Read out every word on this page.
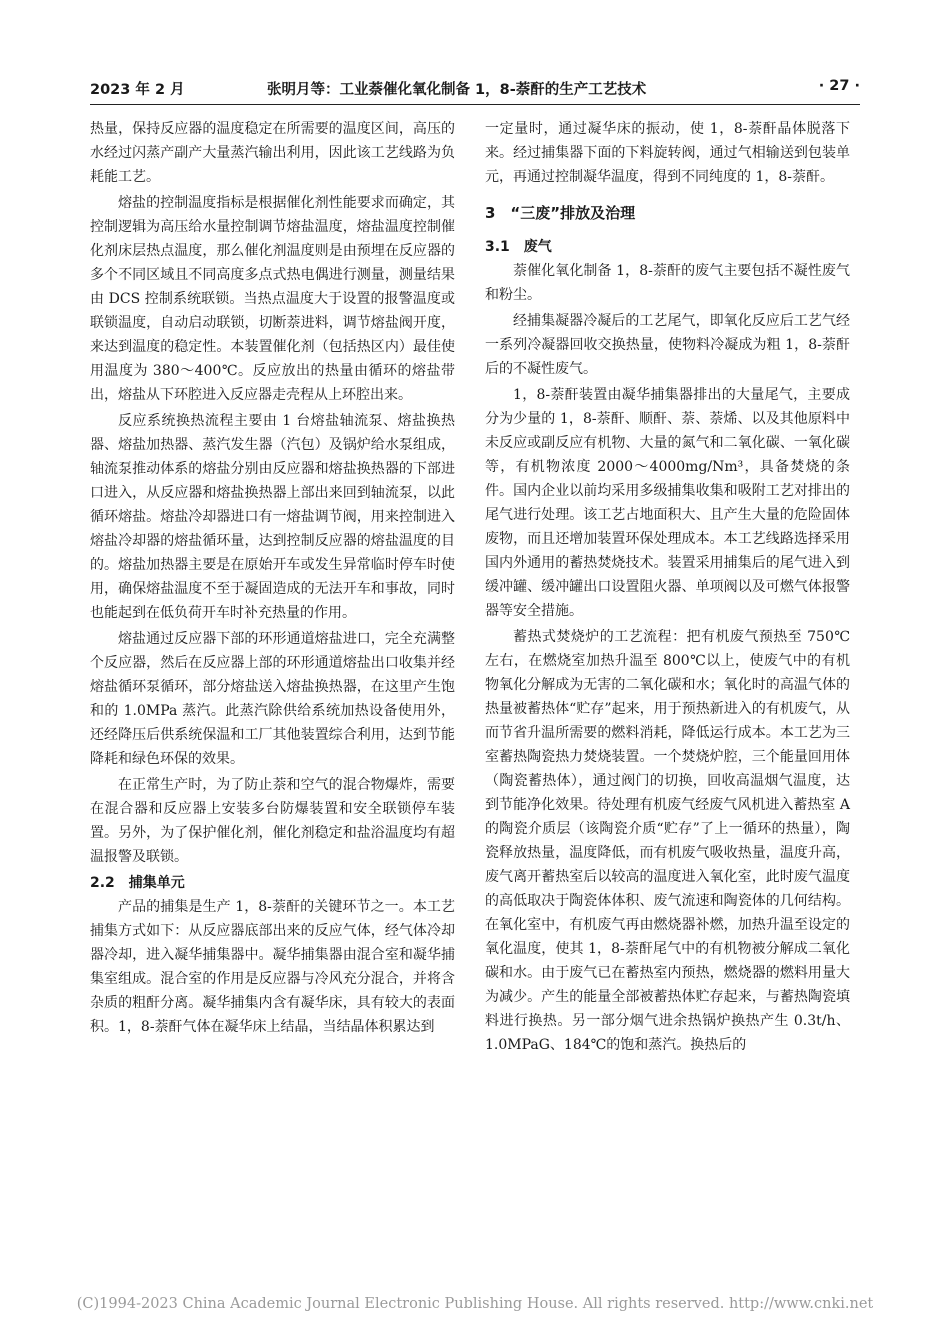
2023 年 2 月	张明月等：工业萘催化氧化制备 1，8-萘酐的生产工艺技术	· 27 ·

热量，保持反应器的温度稳定在所需要的温度区间，高压的水经过闪蒸产副产大量蒸汽输出利用，因此该工艺线路为负耗能工艺。

熔盐的控制温度指标是根据催化剂性能要求而确定，其控制逻辑为高压给水量控制调节熔盐温度，熔盐温度控制催化剂床层热点温度，那么催化剂温度则是由预埋在反应器的多个不同区域且不同高度多点式热电偶进行测量，测量结果由 DCS 控制系统联锁。当热点温度大于设置的报警温度或联锁温度，自动启动联锁，切断萘进料，调节熔盐阀开度，来达到温度的稳定性。本装置催化剂（包括热区内）最佳使用温度为 380～400℃。反应放出的热量由循环的熔盐带出，熔盐从下环腔进入反应器走壳程从上环腔出来。

反应系统换热流程主要由 1 台熔盐轴流泵、熔盐换热器、熔盐加热器、蒸汽发生器（汽包）及锅炉给水泵组成，轴流泵推动体系的熔盐分别由反应器和熔盐换热器的下部进口进入，从反应器和熔盐换热器上部出来回到轴流泵，以此循环熔盐。熔盐冷却器进口有一熔盐调节阀，用来控制进入熔盐冷却器的熔盐循环量，达到控制反应器的熔盐温度的目的。熔盐加热器主要是在原始开车或发生异常临时停车时使用，确保熔盐温度不至于凝固造成的无法开车和事故，同时也能起到在低负荷开车时补充热量的作用。

熔盐通过反应器下部的环形通道熔盐进口，完全充满整个反应器，然后在反应器上部的环形通道熔盐出口收集并经熔盐循环泵循环，部分熔盐送入熔盐换热器，在这里产生饱和的 1.0MPa 蒸汽。此蒸汽除供给系统加热设备使用外，还经降压后供系统保温和工厂其他装置综合利用，达到节能降耗和绿色环保的效果。

在正常生产时，为了防止萘和空气的混合物爆炸，需要在混合器和反应器上安装多台防爆装置和安全联锁停车装置。另外，为了保护催化剂，催化剂稳定和盐浴温度均有超温报警及联锁。

2.2　捕集单元

产品的捕集是生产 1，8-萘酐的关键环节之一。本工艺捕集方式如下：从反应器底部出来的反应气体，经气体冷却器冷却，进入凝华捕集器中。凝华捕集器由混合室和凝华捕集室组成。混合室的作用是反应器与冷风充分混合，并将含杂质的粗酐分离。凝华捕集内含有凝华床，具有较大的表面积。1，8-萘酐气体在凝华床上结晶，当结晶体积累达到

一定量时，通过凝华床的振动，使 1，8-萘酐晶体脱落下来。经过捕集器下面的下料旋转阀，通过气相输送到包装单元，再通过控制凝华温度，得到不同纯度的 1，8-萘酐。

3　“三废”排放及治理
3.1　废气

萘催化氧化制备 1，8-萘酐的废气主要包括不凝性废气和粉尘。

经捕集凝器冷凝后的工艺尾气，即氧化反应后工艺气经一系列冷凝器回收交换热量，使物料冷凝成为粗 1，8-萘酐后的不凝性废气。

1，8-萘酐装置由凝华捕集器排出的大量尾气，主要成分为少量的 1，8-萘酐、顺酐、萘、萘烯、以及其他原料中未反应或副反应有机物、大量的氮气和二氧化碳、一氧化碳等，有机物浓度 2000～4000mg/Nm³，具备焚烧的条件。国内企业以前均采用多级捕集收集和吸附工艺对排出的尾气进行处理。该工艺占地面积大、且产生大量的危险固体废物，而且还增加装置环保处理成本。本工艺线路选择采用国内外通用的蓄热焚烧技术。装置采用捕集后的尾气进入到缓冲罐、缓冲罐出口设置阻火器、单项阀以及可燃气体报警器等安全措施。

蓄热式焚烧炉的工艺流程：把有机废气预热至 750℃左右，在燃烧室加热升温至 800℃以上，使废气中的有机物氧化分解成为无害的二氧化碳和水；氧化时的高温气体的热量被蓄热体“贮存”起来，用于预热新进入的有机废气，从而节省升温所需要的燃料消耗，降低运行成本。本工艺为三室蓄热陶瓷热力焚烧装置。一个焚烧炉腔，三个能量回用体（陶瓷蓄热体），通过阀门的切换，回收高温烟气温度，达到节能净化效果。待处理有机废气经废气风机进入蓄热室 A 的陶瓷介质层（该陶瓷介质“贮存”了上一循环的热量），陶瓷释放热量，温度降低，而有机废气吸收热量，温度升高，废气离开蓄热室后以较高的温度进入氧化室，此时废气温度的高低取决于陶瓷体体积、废气流速和陶瓷体的几何结构。在氧化室中，有机废气再由燃烧器补燃，加热升温至设定的氧化温度，使其 1，8-萘酐尾气中的有机物被分解成二氧化碳和水。由于废气已在蓄热室内预热，燃烧器的燃料用量大为减少。产生的能量全部被蓄热体贮存起来，与蓄热陶瓷填料进行换热。另一部分烟气进余热锅炉换热产生 0.3t/h、1.0MPaG、184℃的饱和蒸汽。换热后的

(C)1994-2023 China Academic Journal Electronic Publishing House. All rights reserved. http://www.cnki.net
